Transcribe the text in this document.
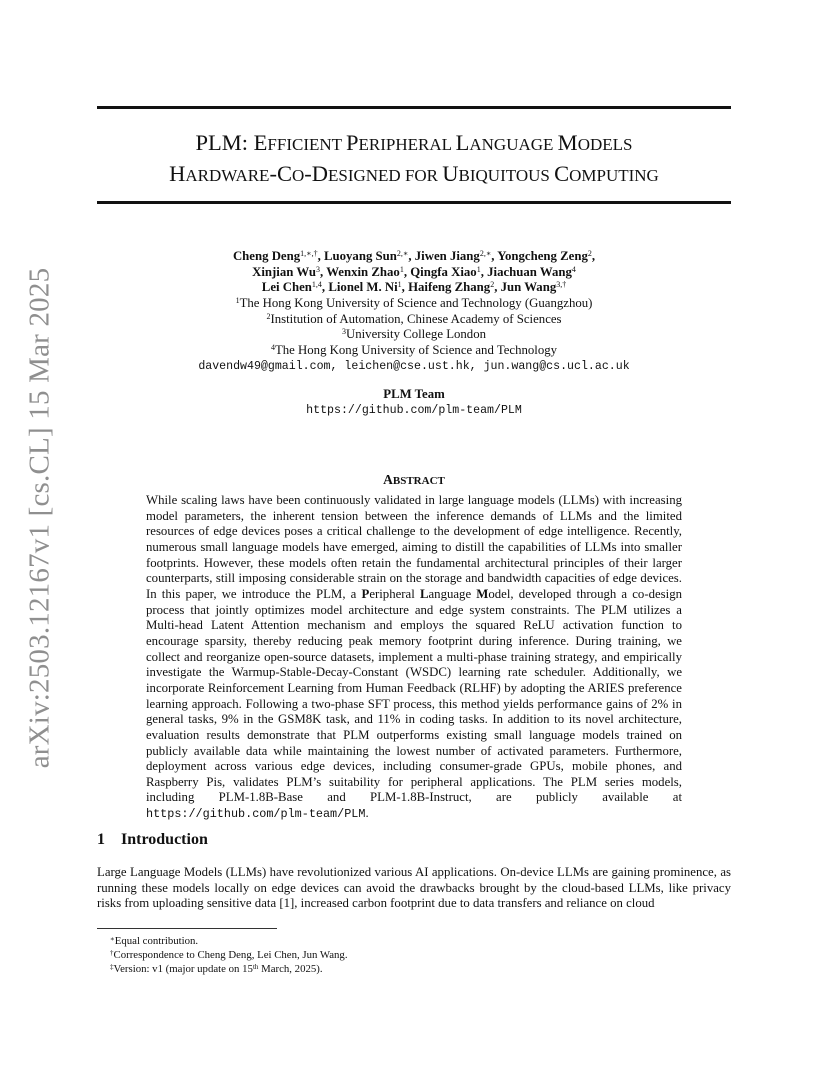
arXiv:2503.12167v1 [cs.CL] 15 Mar 2025
PLM: EFFICIENT PERIPHERAL LANGUAGE MODELS
HARDWARE-CO-DESIGNED FOR UBIQUITOUS COMPUTING
Cheng Deng$^{1,∗,\dagger}$, Luoyang Sun$^{2,∗}$, Jiwen Jiang$^{2,∗}$, Yongcheng Zeng$^2$,
Xinjian Wu$^3$, Wenxin Zhao$^1$, Qingfa Xiao$^1$, Jiachuan Wang$^4$
Lei Chen$^{1,4}$, Lionel M. Ni$^1$, Haifeng Zhang$^2$, Jun Wang$^{3,\dagger}$
$^1$The Hong Kong University of Science and Technology (Guangzhou)
$^2$Institution of Automation, Chinese Academy of Sciences
$^3$University College London
$^4$The Hong Kong University of Science and Technology
davendw49@gmail.com, leichen@cse.ust.hk, jun.wang@cs.ucl.ac.uk
PLM Team
https://github.com/plm-team/PLM
ABSTRACT

While scaling laws have been continuously validated in large language models (LLMs) with increasing model parameters, the inherent tension between the inference demands of LLMs and the limited resources of edge devices poses a critical challenge to the development of edge intelligence. Recently, numerous small language models have emerged, aiming to distill the capabilities of LLMs into smaller footprints. However, these models often retain the fundamental architectural principles of their larger counterparts, still imposing considerable strain on the storage and bandwidth capacities of edge devices. In this paper, we introduce the PLM, a Peripheral Language Model, developed through a co-design process that jointly optimizes model architecture and edge system constraints. The PLM utilizes a Multi-head Latent Attention mechanism and employs the squared ReLU activation function to encourage sparsity, thereby reducing peak memory footprint during inference. During training, we collect and reorganize open-source datasets, implement a multi-phase training strategy, and empirically investigate the Warmup-Stable-Decay-Constant (WSDC) learning rate scheduler. Additionally, we incorporate Reinforcement Learning from Human Feedback (RLHF) by adopting the ARIES preference learning approach. Following a two-phase SFT process, this method yields performance gains of 2% in general tasks, 9% in the GSM8K task, and 11% in coding tasks. In addition to its novel architecture, evaluation results demonstrate that PLM outperforms existing small language models trained on publicly available data while maintaining the lowest number of activated parameters. Furthermore, deployment across various edge devices, including consumer-grade GPUs, mobile phones, and Raspberry Pis, validates PLM’s suitability for peripheral applications. The PLM series models, including PLM-1.8B-Base and PLM-1.8B-Instruct, are publicly available at https://github.com/plm-team/PLM.

1 Introduction

Large Language Models (LLMs) have revolutionized various AI applications. On-device LLMs are gaining prominence, as running these models locally on edge devices can avoid the drawbacks brought by the cloud-based LLMs, like privacy risks from uploading sensitive data [1], increased carbon footprint due to data transfers and reliance on cloud

∗Equal contribution.
†Correspondence to Cheng Deng, Lei Chen, Jun Wang.
‡Version: v1 (major update on 15th March, 2025).
